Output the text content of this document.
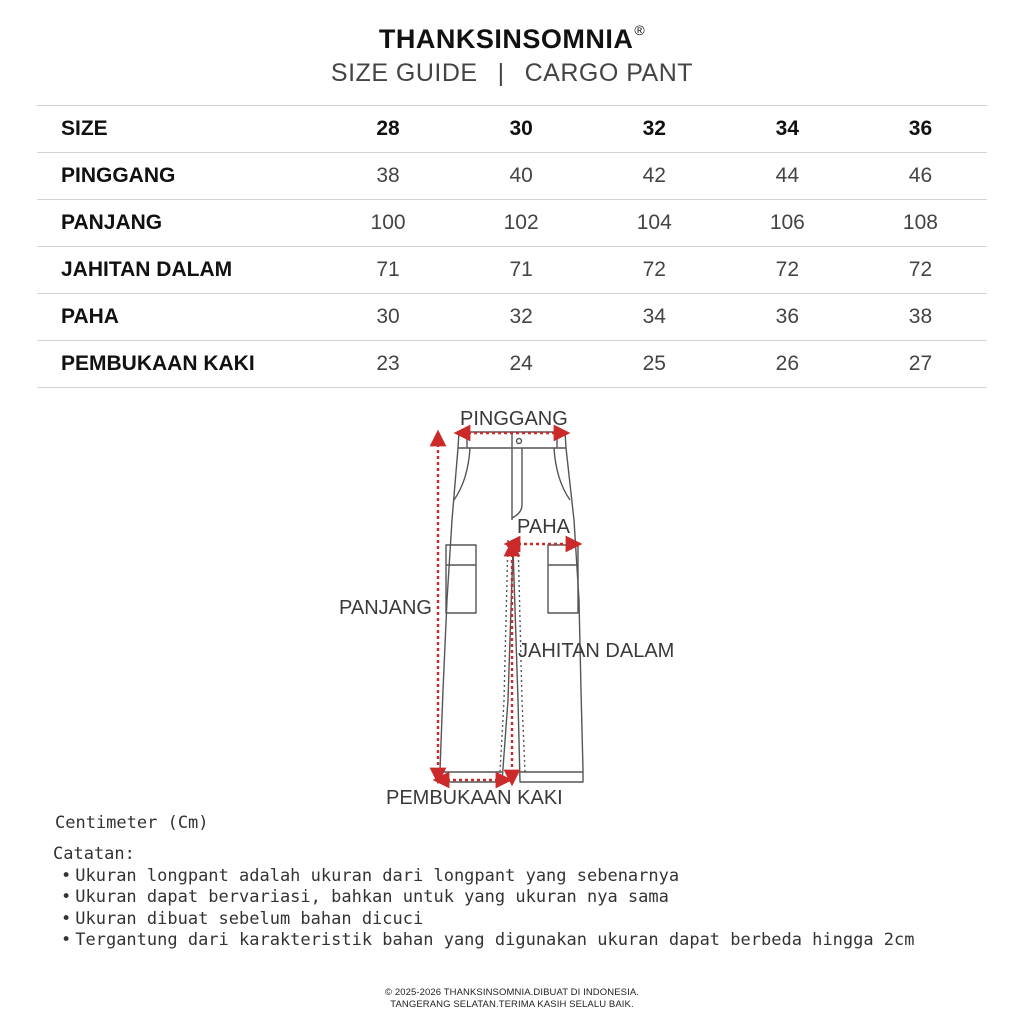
THANKSINSOMNIA®
SIZE GUIDE | CARGO PANT
SIZE	28	30	32	34	36
PINGGANG	38	40	42	44	46
PANJANG	100	102	104	106	108
JAHITAN DALAM	71	71	72	72	72
PAHA	30	32	34	36	38
PEMBUKAAN KAKI	23	24	25	26	27
PINGGANG
PAHA
PANJANG
JAHITAN DALAM
PEMBUKAAN KAKI
Centimeter (Cm)
Catatan:
• Ukuran longpant adalah ukuran dari longpant yang sebenarnya
• Ukuran dapat bervariasi, bahkan untuk yang ukuran nya sama
• Ukuran dibuat sebelum bahan dicuci
• Tergantung dari karakteristik bahan yang digunakan ukuran dapat berbeda hingga 2cm
© 2025-2026 THANKSINSOMNIA.DIBUAT DI INDONESIA.
TANGERANG SELATAN.TERIMA KASIH SELALU BAIK.
